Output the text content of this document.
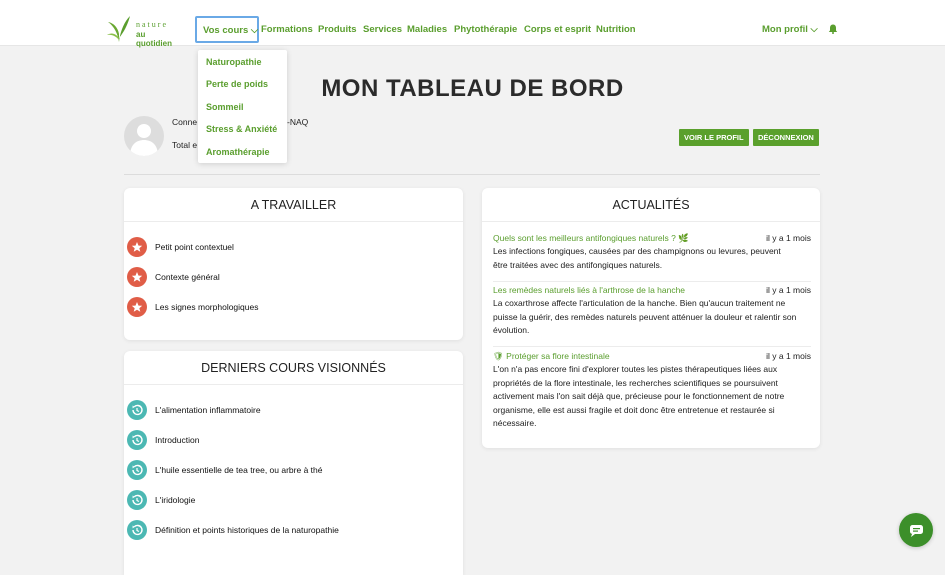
nature
au quotidien
Vos cours ⌵ Formations Produits Services Maladies Phytothérapie Corps et esprit Nutrition	Mon profil ⌵
Naturopathie
Perte de poids
Sommeil
Stress & Anxiété
Aromathérapie
MON TABLEAU DE BORD
Conne	-NAQ
Total e
VOIR LE PROFIL	DÉCONNEXION
A TRAVAILLER
Petit point contextuel
Contexte général
Les signes morphologiques
DERNIERS COURS VISIONNÉS
L'alimentation inflammatoire
Introduction
L'huile essentielle de tea tree, ou arbre à thé
L'iridologie
Définition et points historiques de la naturopathie
ACTUALITÉS
Quels sont les meilleurs antifongiques naturels ? 🌿	il y a 1 mois

Les infections fongiques, causées par des champignons ou levures, peuvent être traitées avec des antifongiques naturels.

Les remèdes naturels liés à l'arthrose de la hanche	il y a 1 mois

La coxarthrose affecte l'articulation de la hanche. Bien qu'aucun traitement ne puisse la guérir, des remèdes naturels peuvent atténuer la douleur et ralentir son évolution.

🛡 Protéger sa flore intestinale	il y a 1 mois

L'on n'a pas encore fini d'explorer toutes les pistes thérapeutiques liées aux propriétés de la flore intestinale, les recherches scientifiques se poursuivent activement mais l'on sait déjà que, précieuse pour le fonctionnement de notre organisme, elle est aussi fragile et doit donc être entretenue et restaurée si nécessaire.
